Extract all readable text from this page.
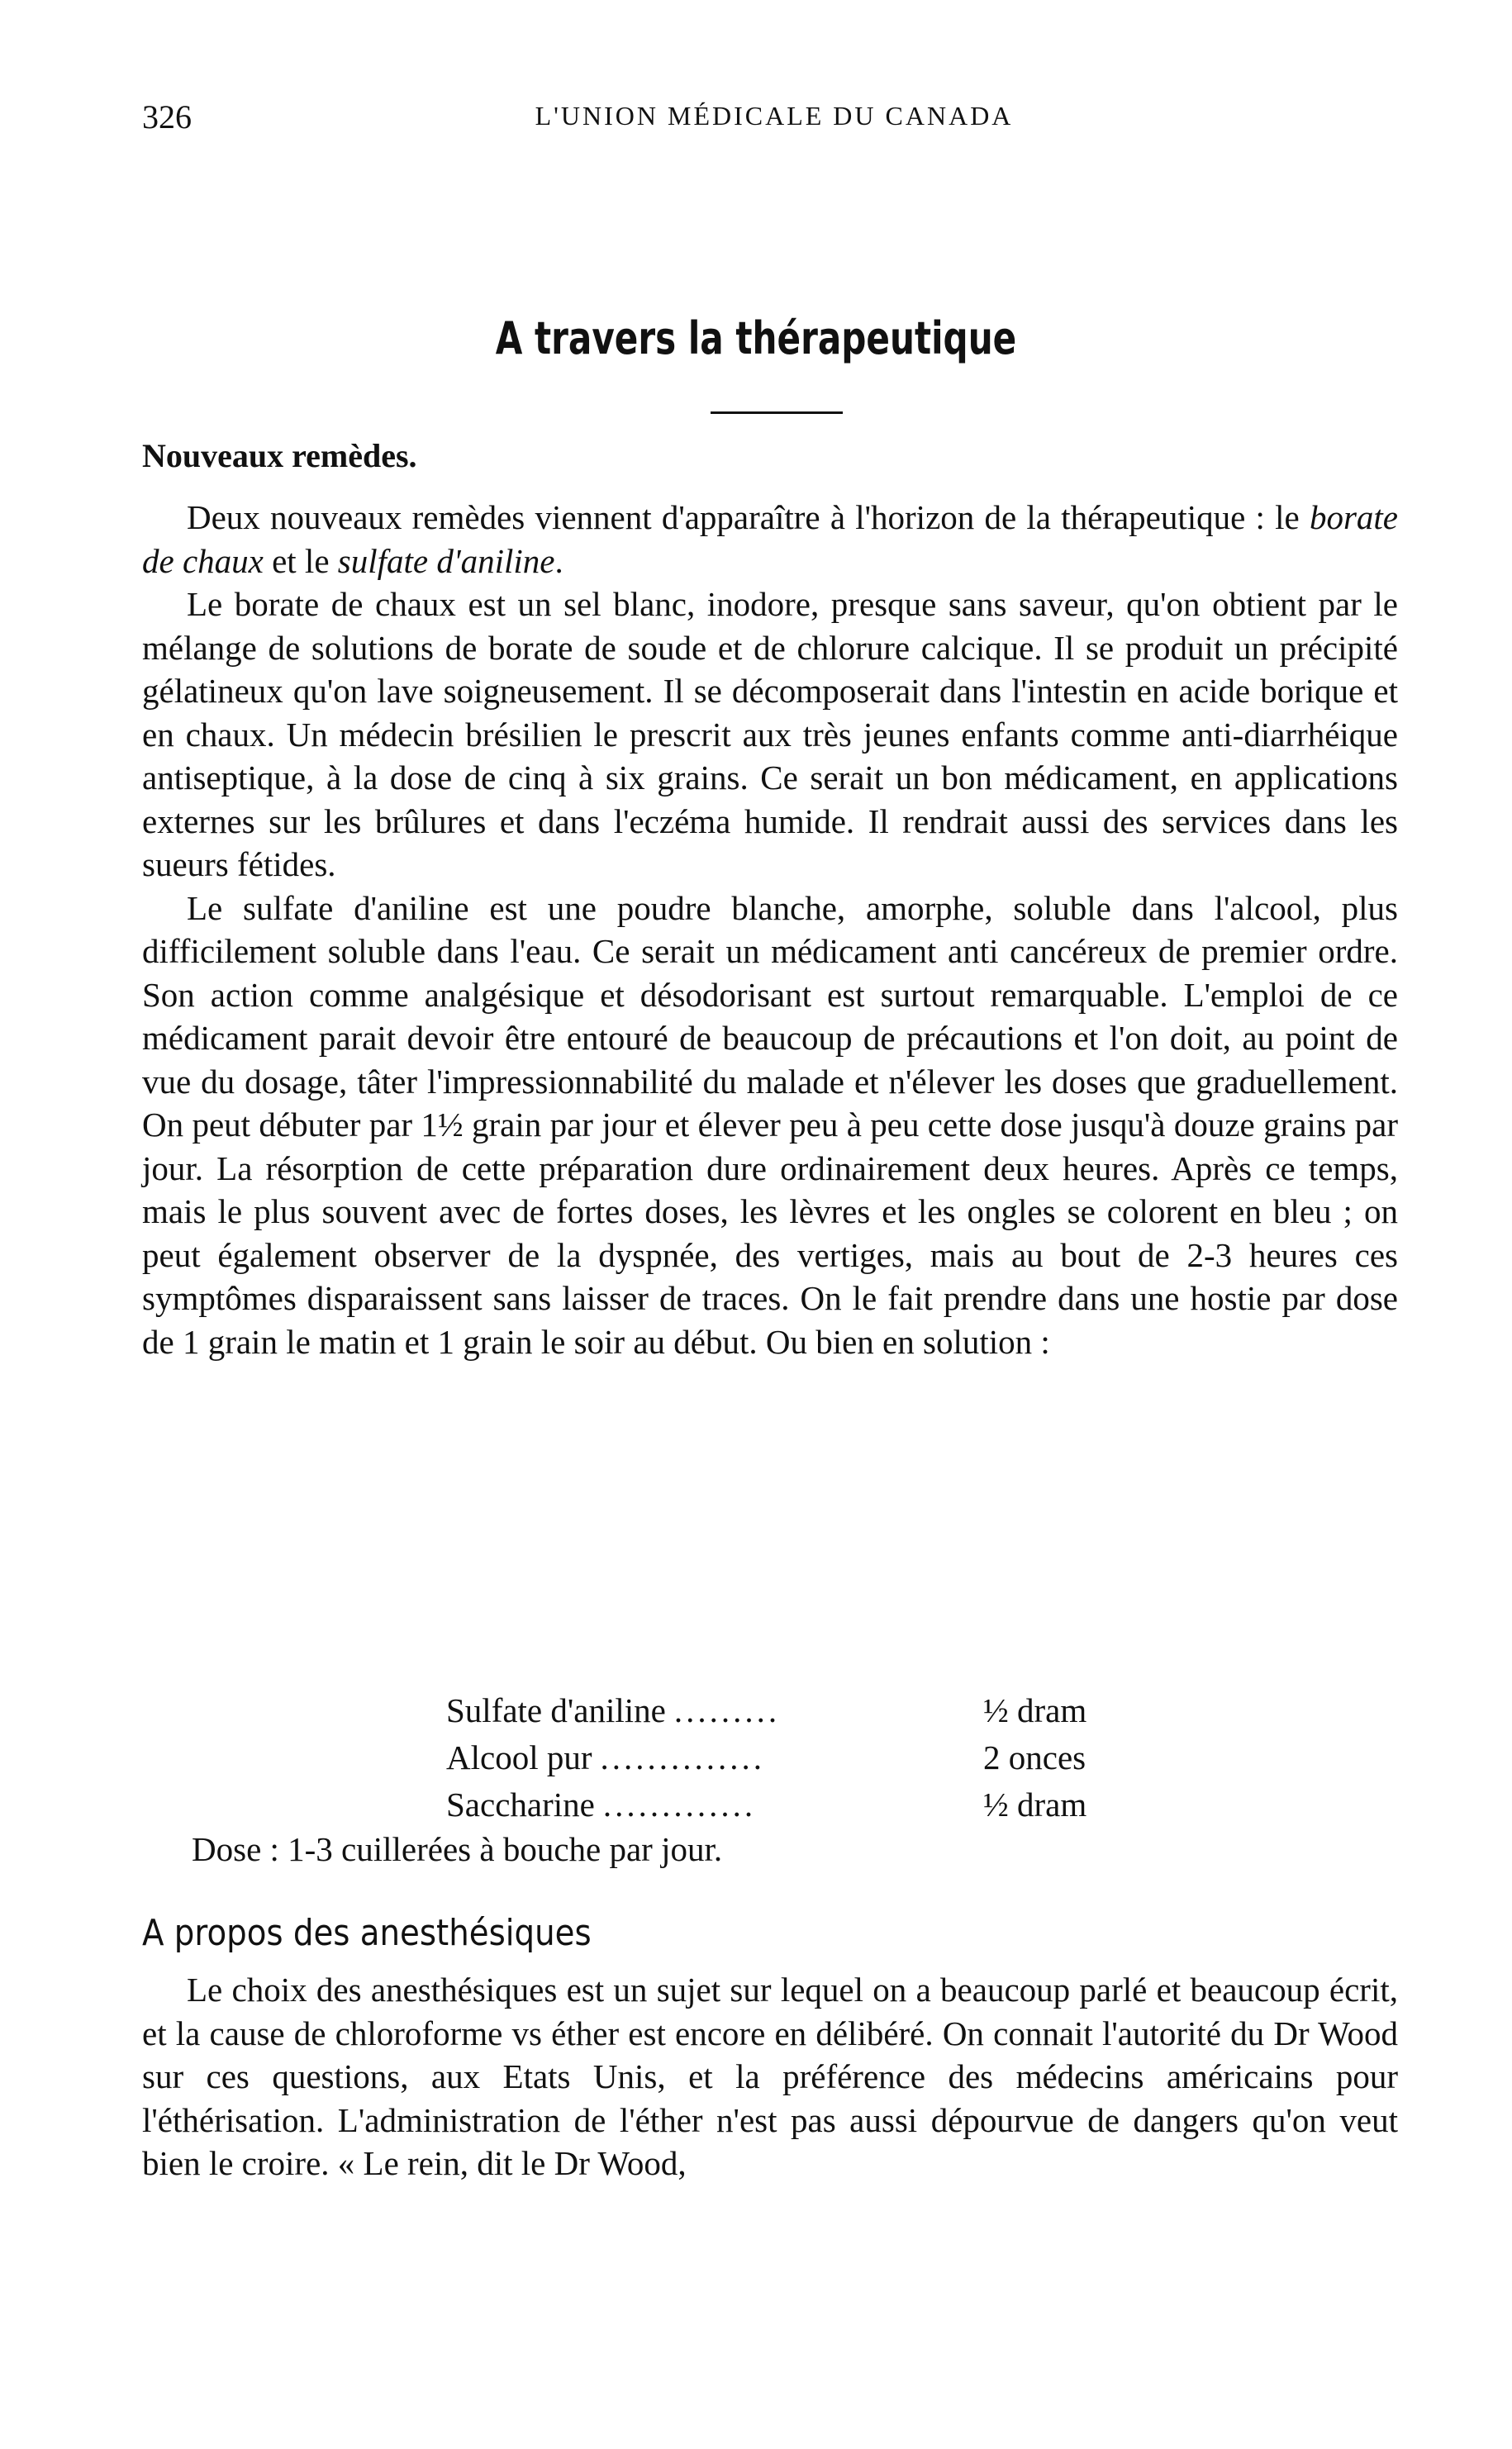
326	L'UNION MÉDICALE DU CANADA
A travers la thérapeutique
Nouveaux remèdes.

Deux nouveaux remèdes viennent d'apparaître à l'horizon de la thérapeutique : le borate de chaux et le sulfate d'aniline.

Le borate de chaux est un sel blanc, inodore, presque sans saveur, qu'on obtient par le mélange de solutions de borate de soude et de chlorure calcique. Il se produit un précipité gélatineux qu'on lave soigneusement. Il se décomposerait dans l'intestin en acide borique et en chaux. Un médecin brésilien le prescrit aux très jeunes enfants comme anti-diarrhéique antiseptique, à la dose de cinq à six grains. Ce serait un bon médicament, en applications externes sur les brûlures et dans l'eczéma humide. Il rendrait aussi des services dans les sueurs fétides.

Le sulfate d'aniline est une poudre blanche, amorphe, soluble dans l'alcool, plus difficilement soluble dans l'eau. Ce serait un médicament anti cancéreux de premier ordre. Son action comme analgésique et désodorisant est surtout remarquable. L'emploi de ce médicament parait devoir être entouré de beaucoup de précautions et l'on doit, au point de vue du dosage, tâter l'impressionnabilité du malade et n'élever les doses que graduellement. On peut débuter par 1½ grain par jour et élever peu à peu cette dose jusqu'à douze grains par jour. La résorption de cette préparation dure ordinairement deux heures. Après ce temps, mais le plus souvent avec de fortes doses, les lèvres et les ongles se colorent en bleu ; on peut également observer de la dyspnée, des vertiges, mais au bout de 2-3 heures ces symptômes disparaissent sans laisser de traces. On le fait prendre dans une hostie par dose de 1 grain le matin et 1 grain le soir au début. Ou bien en solution :

Sulfate d'aniline .........	½ dram
Alcool pur ..............	2 onces
Saccharine .............	½ dram
Dose : 1-3 cuillerées à bouche par jour.
A propos des anesthésiques

Le choix des anesthésiques est un sujet sur lequel on a beaucoup parlé et beaucoup écrit, et la cause de chloroforme vs éther est encore en délibéré. On connait l'autorité du Dr Wood sur ces questions, aux Etats Unis, et la préférence des médecins américains pour l'éthérisation. L'administration de l'éther n'est pas aussi dépourvue de dangers qu'on veut bien le croire. « Le rein, dit le Dr Wood,
